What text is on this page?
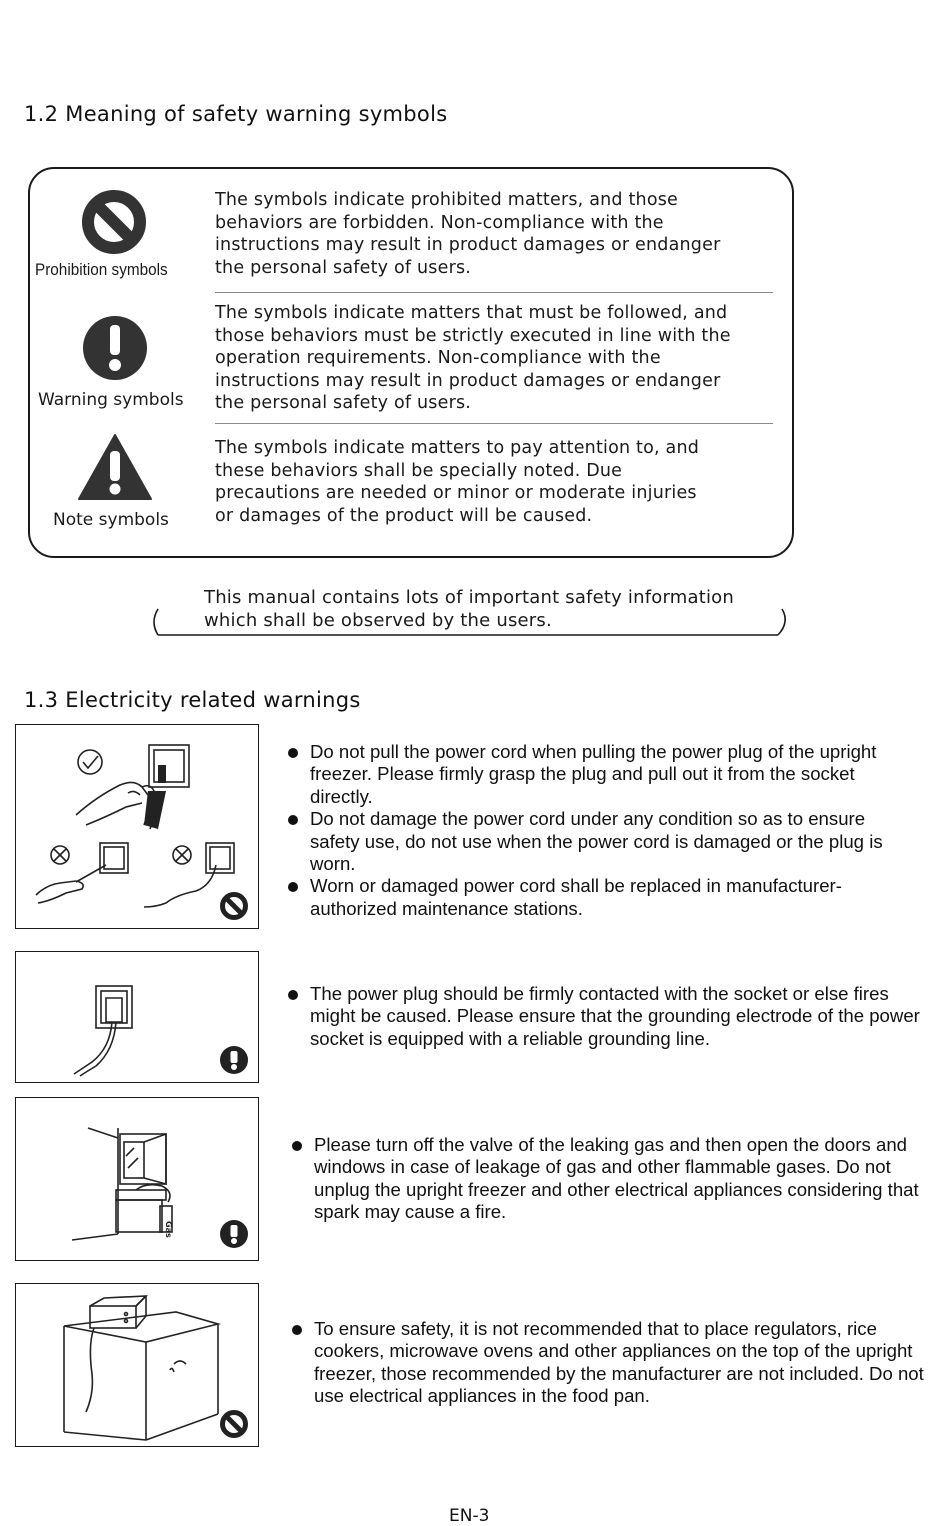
1.2 Meaning of safety warning symbols
Prohibition symbols
The symbols indicate prohibited matters, and those
behaviors are forbidden. Non-compliance with the
instructions may result in product damages or endanger
the personal safety of users.
Warning symbols
The symbols indicate matters that must be followed, and
those behaviors must be strictly executed in line with the
operation requirements. Non-compliance with the
instructions may result in product damages or endanger
the personal safety of users.
Note symbols
The symbols indicate matters to pay attention to, and
these behaviors shall be specially noted. Due
precautions are needed or minor or moderate injuries
or damages of the product will be caused.
This manual contains lots of important safety information
which shall be observed by the users.
1.3 Electricity related warnings
Do not pull the power cord when pulling the power plug of the upright freezer. Please firmly grasp the plug and pull out it from the socket directly.
Do not damage the power cord under any condition so as to ensure safety use, do not use when the power cord is damaged or the plug is worn.
Worn or damaged power cord shall be replaced in manufacturer-authorized maintenance stations.
The power plug should be firmly contacted with the socket or else fires might be caused. Please ensure that the grounding electrode of the power socket is equipped with a reliable grounding line.
Gas
Please turn off the valve of the leaking gas and then open the doors and windows in case of leakage of gas and other flammable gases. Do not unplug the upright freezer and other electrical appliances considering that spark may cause a fire.
To ensure safety, it is not recommended that to place regulators, rice cookers, microwave ovens and other appliances on the top of the upright freezer, those recommended by the manufacturer are not included. Do not use electrical appliances in the food pan.
EN-3
